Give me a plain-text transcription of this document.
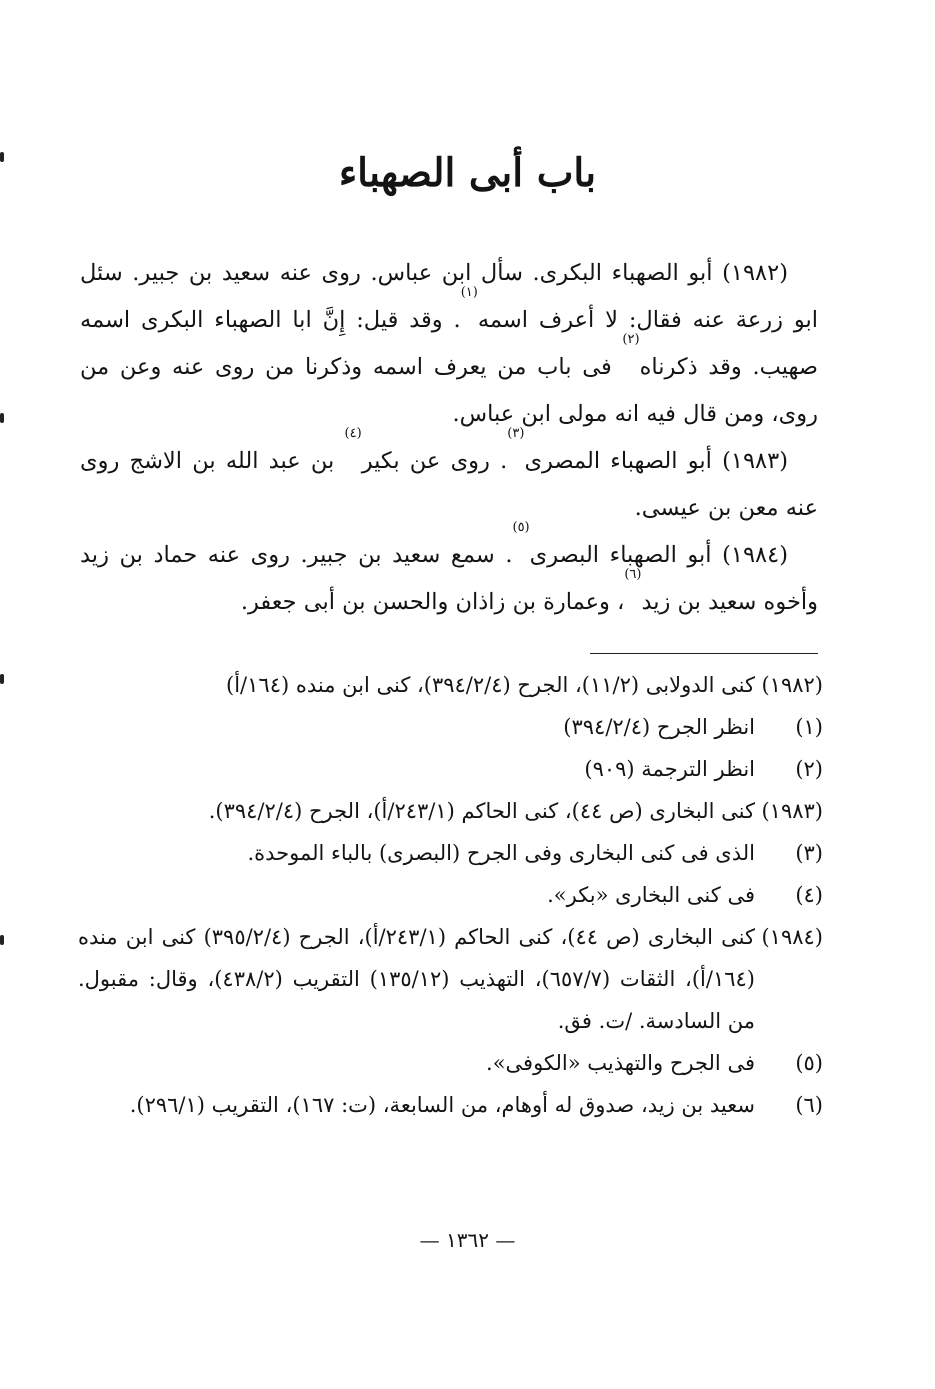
باب أبى الصهباء

(١٩٨٢) أبو الصهباء البكرى. سأل ابن عباس. روى عنه سعيد بن جبير. سئل ابو زرعة عنه فقال: لا أعرف اسمه$^{(١)}$. وقد قيل: إِنَّ ابا الصهباء البكرى اسمه صهيب. وقد ذكرناه$^{(٢)}$ فى باب من يعرف اسمه وذكرنا من روى عنه وعن من روى، ومن قال فيه انه مولى ابن عباس.

(١٩٨٣) أبو الصهباء المصرى$^{(٣)}$. روى عن بكير$^{(٤)}$ بن عبد الله بن الاشج روى عنه معن بن عيسى.

(١٩٨٤) أبو الصهباء البصرى$^{(٥)}$. سمع سعيد بن جبير. روى عنه حماد بن زيد وأخوه سعيد بن زيد$^{(٦)}$، وعمارة بن زاذان والحسن بن أبى جعفر.

(١٩٨٢)
كنى الدولابى (١١/٢)، الجرح (٣٩٤/٢/٤)، كنى ابن منده (١٦٤/أ)
(١)
انظر الجرح (٣٩٤/٢/٤)
(٢)
انظر الترجمة (٩٠٩)
(١٩٨٣)
كنى البخارى (ص ٤٤)، كنى الحاكم (٢٤٣/١/أ)، الجرح (٣٩٤/٢/٤).
(٣)
الذى فى كنى البخارى وفى الجرح (البصرى) بالباء الموحدة.
(٤)
فى كنى البخارى «بكر».
(١٩٨٤)
كنى البخارى (ص ٤٤)، كنى الحاكم (٢٤٣/١/أ)، الجرح (٣٩٥/٢/٤) كنى ابن منده (١٦٤/أ)، الثقات (٦٥٧/٧)، التهذيب (١٣٥/١٢) التقريب (٤٣٨/٢)، وقال: مقبول. من السادسة. /ت. فق.
(٥)
فى الجرح والتهذيب «الكوفى».
(٦)
سعيد بن زيد، صدوق له أوهام، من السابعة، (ت: ١٦٧)، التقريب (٢٩٦/١).
— ١٣٦٢ —
